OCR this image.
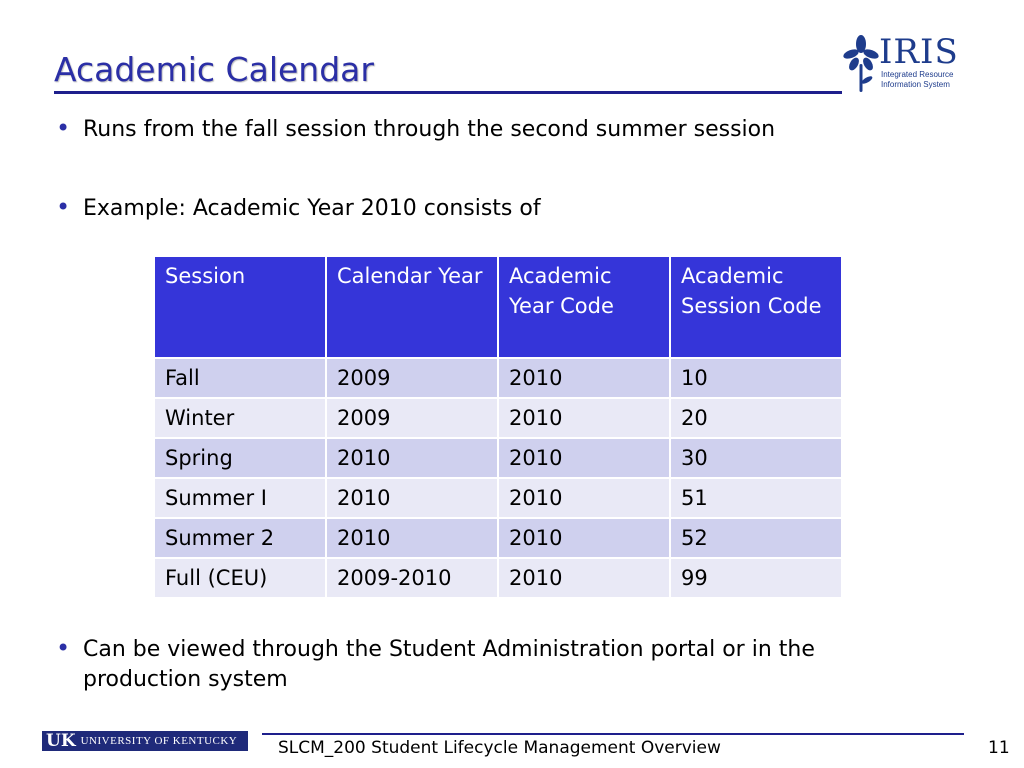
Academic Calendar	IRIS
Integrated Resource
Information System
• Runs from the fall session through the second summer session
• Example: Academic Year 2010 consists of
Session	Calendar Year	Academic Year Code	Academic Session Code
Fall	2009	2010	10
Winter	2009	2010	20
Spring	2010	2010	30
Summer I	2010	2010	51
Summer 2	2010	2010	52
Full (CEU)	2009-2010	2010	99
• Can be viewed through the Student Administration portal or in the production system
UK UNIVERSITY OF KENTUCKY SLCM_200 Student Lifecycle Management Overview	11
